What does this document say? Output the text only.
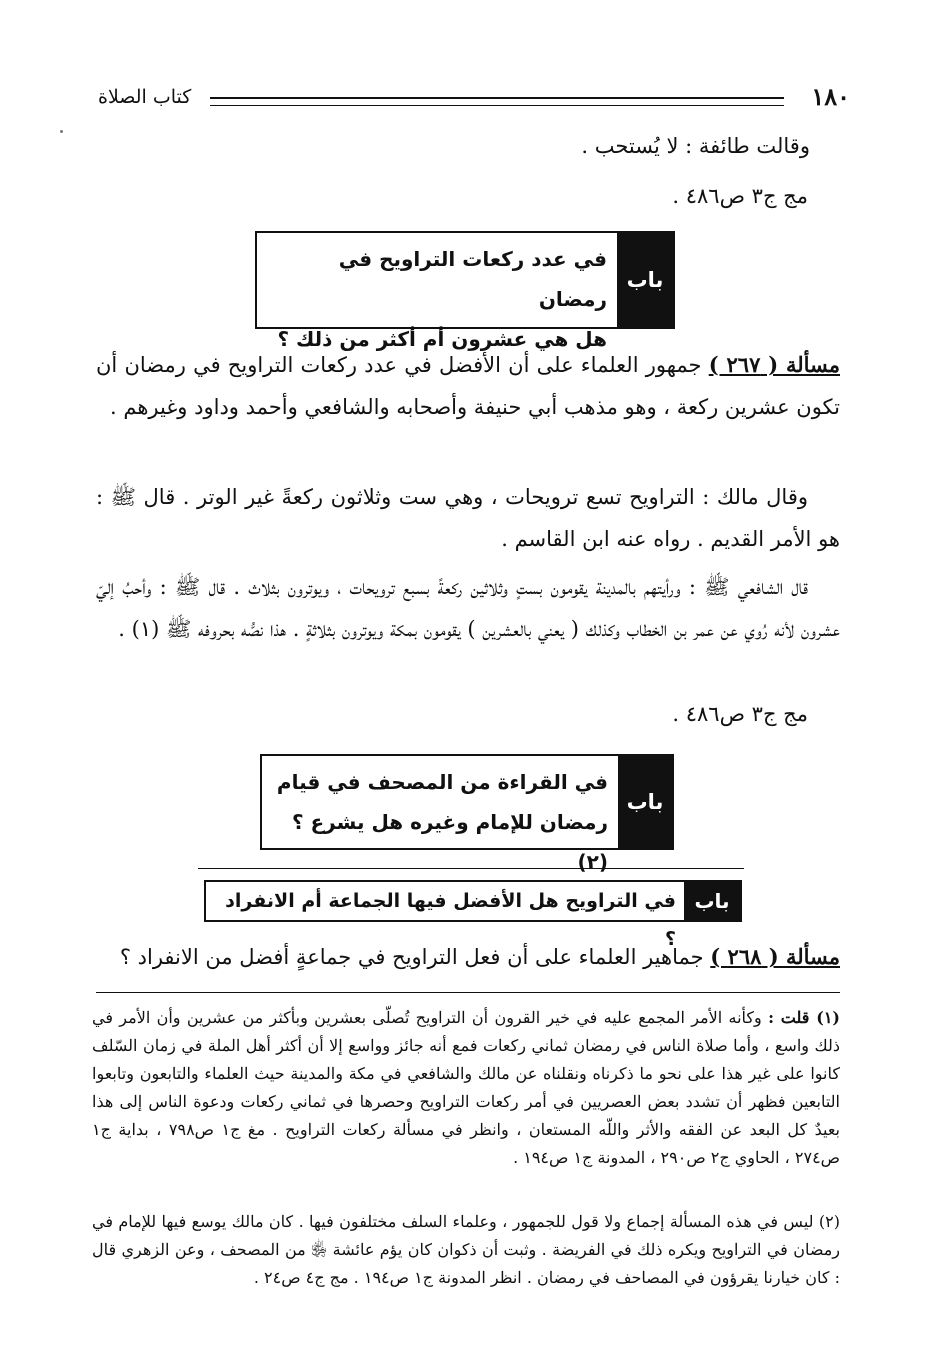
١٨٠
كتاب الصلاة
وقالت طائفة : لا يُستحب .
مج ج٣ ص٤٨٦ .
باب
في عدد ركعات التراويح في رمضان
هل هي عشرون أم أكثر من ذلك ؟
مسألة ( ٢٦٧ ) جمهور العلماء على أن الأفضل في عدد ركعات التراويح في رمضان أن تكون عشرين ركعة ، وهو مذهب أبي حنيفة وأصحابه والشافعي وأحمد وداود وغيرهم .
وقال مالك : التراويح تسع ترويحات ، وهي ست وثلاثون ركعةً غير الوتر . قال ﷺ : هو الأمر القديم . رواه عنه ابن القاسم .
قال الشافعي ﷺ : ورأيتهم بالمدينة يقومون بستٍ وثلاثين ركعةً بسبع ترويحات ، ويوترون بثلاث . قال ﷺ : وأحبُ إليّ عشرون لأنه رُوي عن عمر بن الخطاب وكذلك ( يعني بالعشرين ) يقومون بمكة ويوترون بثلاثةٍ . هذا نصُّه بحروفه ﷺ (١) .
مج ج٣ ص٤٨٦ .
باب
في القراءة من المصحف في قيام
رمضان للإمام وغيره هل يشرع ؟ (٢)
باب
في التراويح هل الأفضل فيها الجماعة أم الانفراد ؟
مسألة ( ٢٦٨ ) جماهير العلماء على أن فعل التراويح في جماعةٍ أفضل من الانفراد ؟
(١) قلت : وكأنه الأمر المجمع عليه في خير القرون أن التراويح تُصلّى بعشرين وبأكثر من عشرين وأن الأمر في ذلك واسع ، وأما صلاة الناس في رمضان ثماني ركعات فمع أنه جائز وواسع إلا أن أكثر أهل الملة في زمان السّلف كانوا على غير هذا على نحو ما ذكرناه ونقلناه عن مالك والشافعي في مكة والمدينة حيث العلماء والتابعون وتابعوا التابعين فظهر أن تشدد بعض العصريين في أمر ركعات التراويح وحصرها في ثماني ركعات ودعوة الناس إلى هذا بعيدٌ كل البعد عن الفقه والأثر واللّه المستعان ، وانظر في مسألة ركعات التراويح . مغ ج١ ص٧٩٨ ، بداية ج١ ص٢٧٤ ، الحاوي ج٢ ص٢٩٠ ، المدونة ج١ ص١٩٤ .
(٢) ليس في هذه المسألة إجماع ولا قول للجمهور ، وعلماء السلف مختلفون فيها . كان مالك يوسع فيها للإمام في رمضان في التراويح ويكره ذلك في الفريضة . وثبت أن ذكوان كان يؤم عائشة ﵂ من المصحف ، وعن الزهري قال : كان خيارنا يقرؤون في المصاحف في رمضان . انظر المدونة ج١ ص١٩٤ . مج ج٤ ص٢٤ .
